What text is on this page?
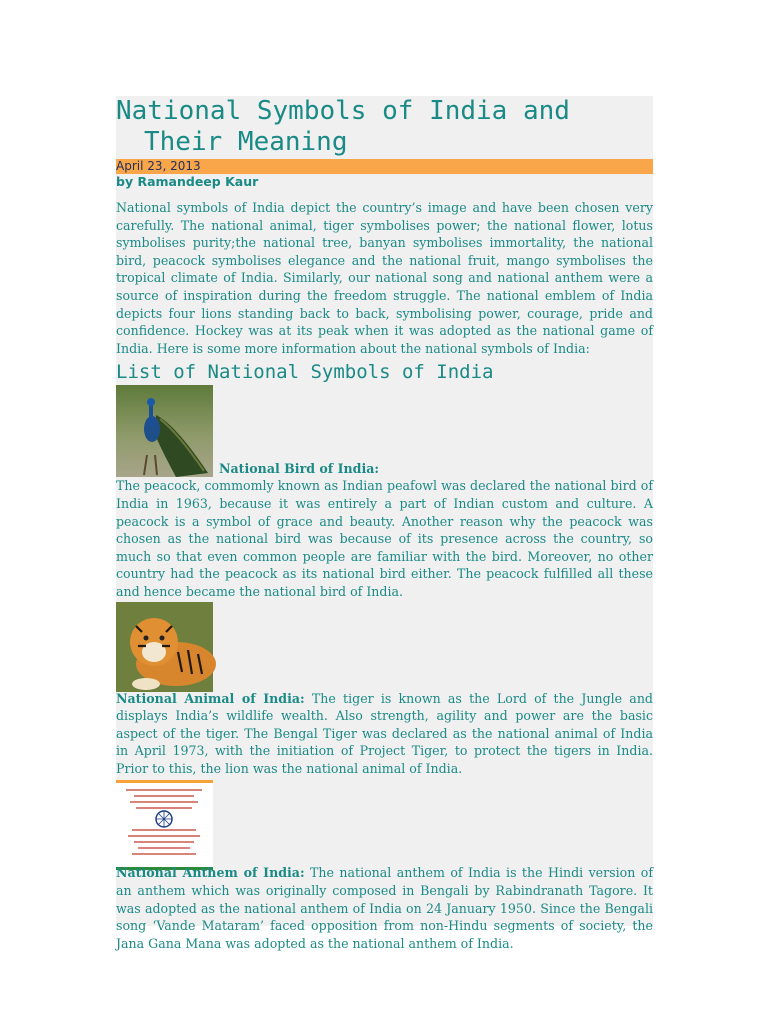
National Symbols of India and
Their Meaning
April 23, 2013
by Ramandeep Kaur

National symbols of India depict the country’s image and have been chosen very carefully. The national animal, tiger symbolises power; the national flower, lotus symbolises purity;the national tree, banyan symbolises immortality, the national bird, peacock symbolises elegance and the national fruit, mango symbolises the tropical climate of India. Similarly, our national song and national anthem were a source of inspiration during the freedom struggle. The national emblem of India depicts four lions standing back to back, symbolising power, courage, pride and confidence. Hockey was at its peak when it was adopted as the national game of India. Here is some more information about the national symbols of India:

List of National Symbols of India
National Bird of India:

The peacock, commomly known as Indian peafowl was declared the national bird of India in 1963, because it was entirely a part of Indian custom and culture. A peacock is a symbol of grace and beauty. Another reason why the peacock was chosen as the national bird was because of its presence across the country, so much so that even common people are familiar with the bird. Moreover, no other country had the peacock as its national bird either. The peacock fulfilled all these and hence became the national bird of India.

National Animal of India: The tiger is known as the Lord of the Jungle and displays India’s wildlife wealth. Also strength, agility and power are the basic aspect of the tiger. The Bengal Tiger was declared as the national animal of India in April 1973, with the initiation of Project Tiger, to protect the tigers in India. Prior to this, the lion was the national animal of India.

National Anthem of India: The national anthem of India is the Hindi version of an anthem which was originally composed in Bengali by Rabindranath Tagore. It was adopted as the national anthem of India on 24 January 1950. Since the Bengali song ‘Vande Mataram’ faced opposition from non-Hindu segments of society, the Jana Gana Mana was adopted as the national anthem of India.
